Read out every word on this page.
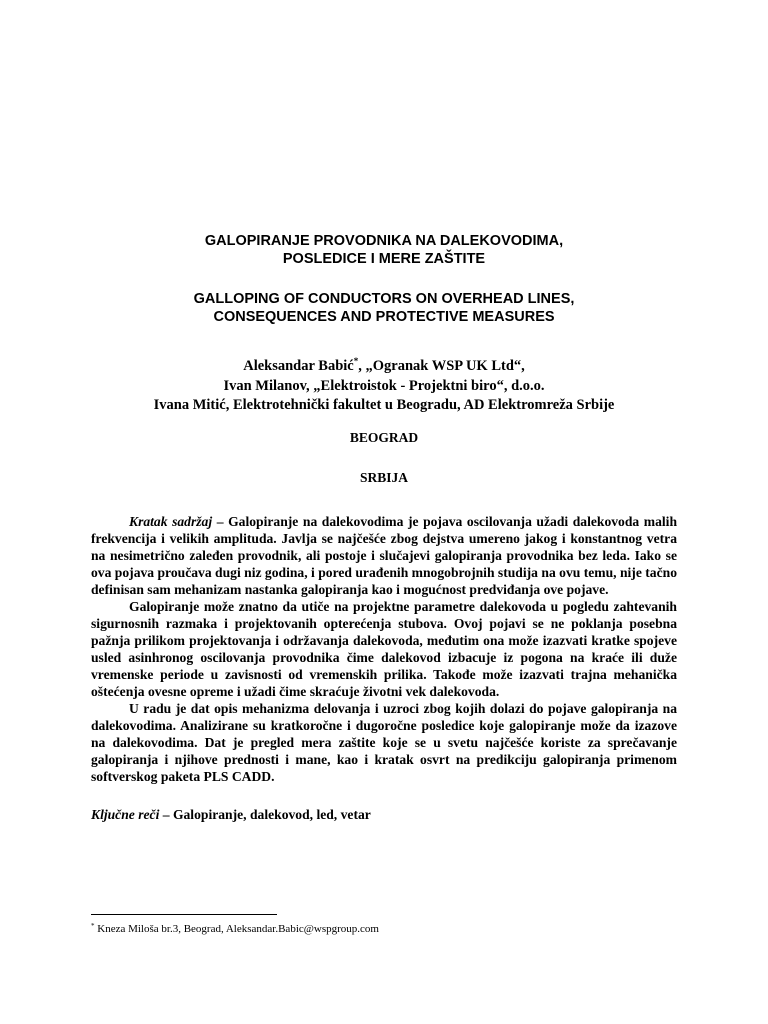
GALOPIRANJE PROVODNIKA NA DALEKOVODIMA,
POSLEDICE I MERE ZAŠTITE
GALLOPING OF CONDUCTORS ON OVERHEAD LINES,
CONSEQUENCES AND PROTECTIVE MEASURES
Aleksandar Babić*, „Ogranak WSP UK Ltd“,
Ivan Milanov, „Elektroistok - Projektni biro“, d.o.o.
Ivana Mitić, Elektrotehnički fakultet u Beogradu, AD Elektromreža Srbije
BEOGRAD
SRBIJA

Kratak sadržaj – Galopiranje na dalekovodima je pojava oscilovanja užadi dalekovoda malih frekvencija i velikih amplituda. Javlja se najčešće zbog dejstva umereno jakog i konstantnog vetra na nesimetrično zaleđen provodnik, ali postoje i slučajevi galopiranja provodnika bez leda. Iako se ova pojava proučava dugi niz godina, i pored urađenih mnogobrojnih studija na ovu temu, nije tačno definisan sam mehanizam nastanka galopiranja kao i mogućnost predviđanja ove pojave.

Galopiranje može znatno da utiče na projektne parametre dalekovoda u pogledu zahtevanih sigurnosnih razmaka i projektovanih opterećenja stubova. Ovoj pojavi se ne poklanja posebna pažnja prilikom projektovanja i održavanja dalekovoda, međutim ona može izazvati kratke spojeve usled asinhronog oscilovanja provodnika čime dalekovod izbacuje iz pogona na kraće ili duže vremenske periode u zavisnosti od vremenskih prilika. Takođe može izazvati trajna mehanička oštećenja ovesne opreme i užadi čime skraćuje životni vek dalekovoda.

U radu je dat opis mehanizma delovanja i uzroci zbog kojih dolazi do pojave galopiranja na dalekovodima. Analizirane su kratkoročne i dugoročne posledice koje galopiranje može da izazove na dalekovodima. Dat je pregled mera zaštite koje se u svetu najčešće koriste za sprečavanje galopiranja i njihove prednosti i mane, kao i kratak osvrt na predikciju galopiranja primenom softverskog paketa PLS CADD.

Ključne reči – Galopiranje, dalekovod, led, vetar
* Kneza Miloša br.3, Beograd, Aleksandar.Babic@wspgroup.com
